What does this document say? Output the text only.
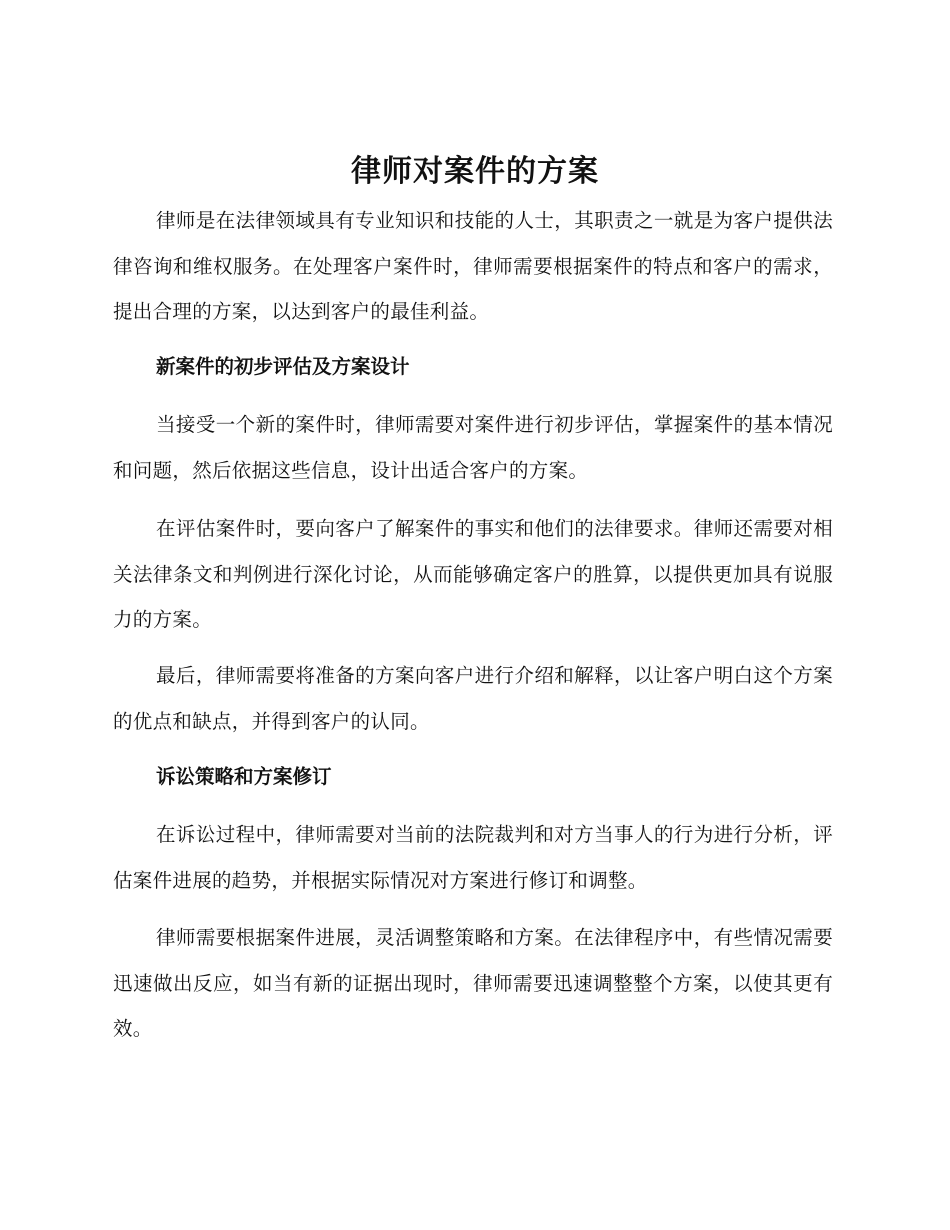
律师对案件的方案

律师是在法律领域具有专业知识和技能的人士，其职责之一就是为客户提供法律咨询和维权服务。在处理客户案件时，律师需要根据案件的特点和客户的需求，提出合理的方案，以达到客户的最佳利益。

新案件的初步评估及方案设计

当接受一个新的案件时，律师需要对案件进行初步评估，掌握案件的基本情况和问题，然后依据这些信息，设计出适合客户的方案。

在评估案件时，要向客户了解案件的事实和他们的法律要求。律师还需要对相关法律条文和判例进行深化讨论，从而能够确定客户的胜算，以提供更加具有说服力的方案。

最后，律师需要将准备的方案向客户进行介绍和解释，以让客户明白这个方案的优点和缺点，并得到客户的认同。

诉讼策略和方案修订

在诉讼过程中，律师需要对当前的法院裁判和对方当事人的行为进行分析，评估案件进展的趋势，并根据实际情况对方案进行修订和调整。

律师需要根据案件进展，灵活调整策略和方案。在法律程序中，有些情况需要迅速做出反应，如当有新的证据出现时，律师需要迅速调整整个方案，以使其更有效。
